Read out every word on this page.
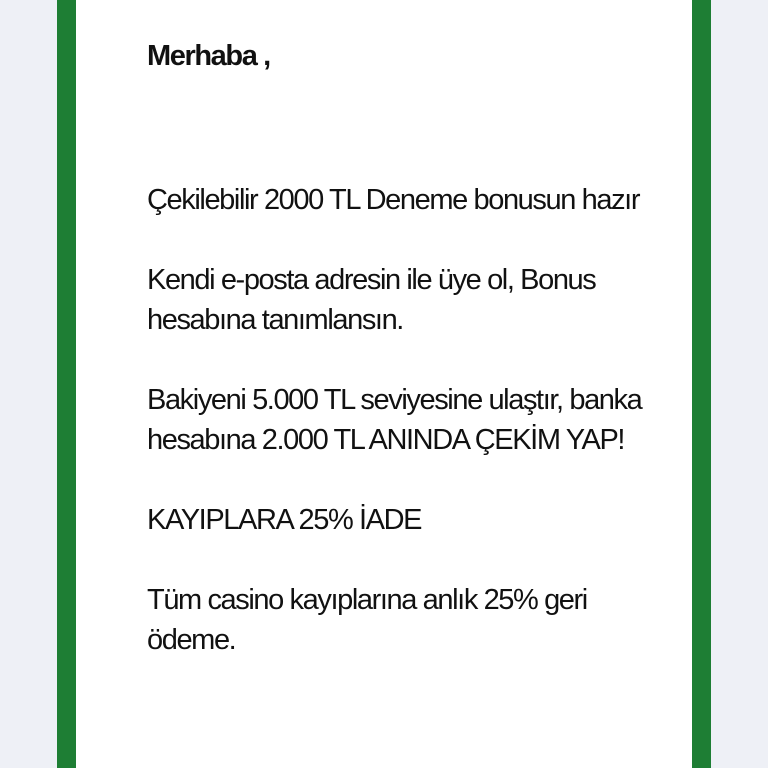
Merhaba ,

Çekilebilir 2000 TL Deneme bonusun hazır

Kendi e-posta adresin ile üye ol, Bonus hesabına tanımlansın.

Bakiyeni 5.000 TL seviyesine ulaştır, banka hesabına 2.000 TL ANINDA ÇEKİM YAP!

KAYIPLARA 25% İADE

Tüm casino kayıplarına anlık 25% geri ödeme.
